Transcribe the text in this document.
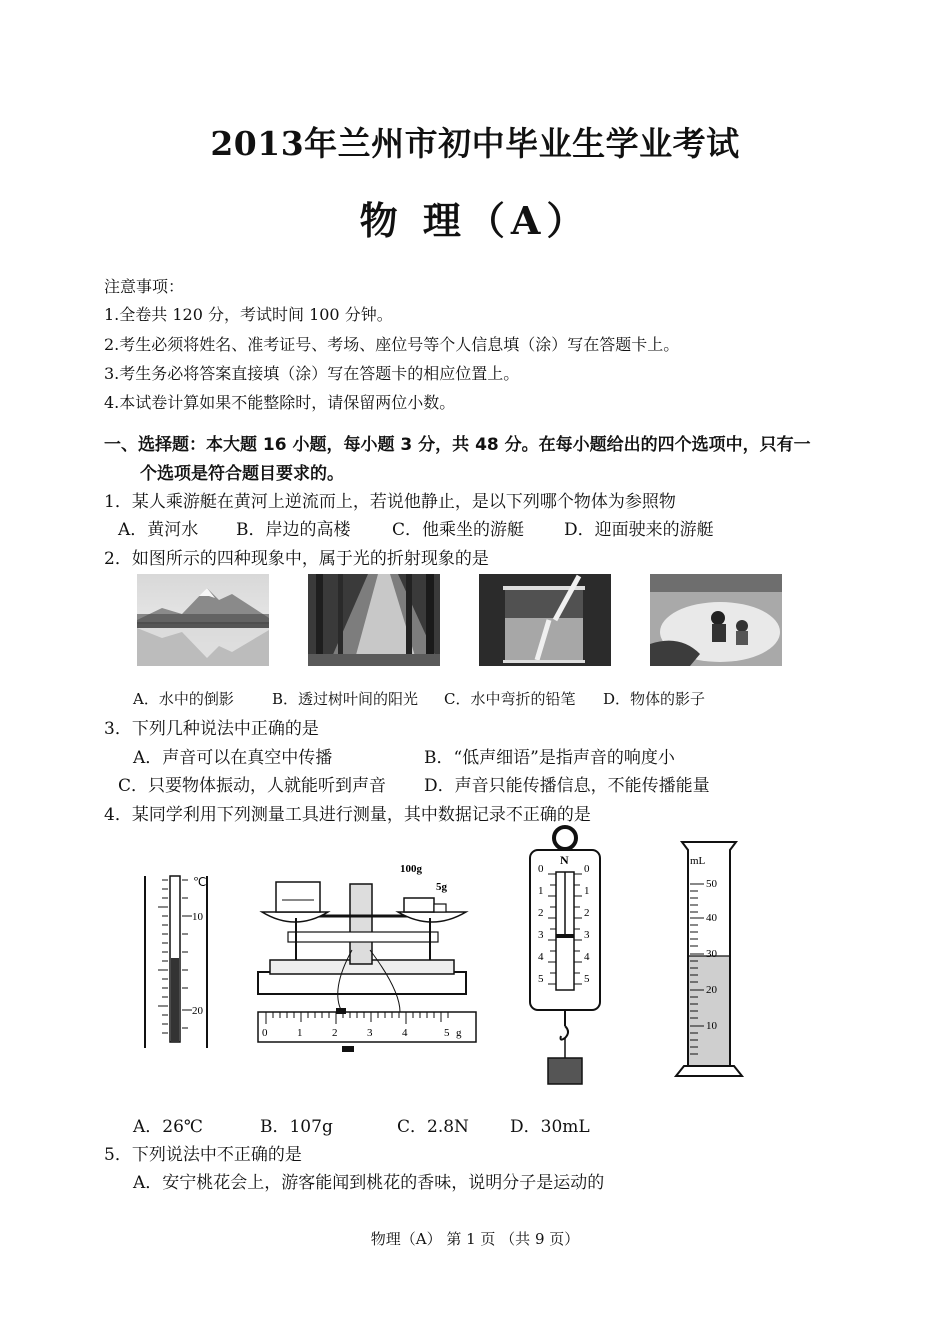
2013年兰州市初中毕业生学业考试
物 理（A）
注意事项：
1.全卷共 120 分，考试时间 100 分钟。
2.考生必须将姓名、准考证号、考场、座位号等个人信息填（涂）写在答题卡上。
3.考生务必将答案直接填（涂）写在答题卡的相应位置上。
4.本试卷计算如果不能整除时，请保留两位小数。
一、选择题：本大题 16 小题，每小题 3 分，共 48 分。在每小题给出的四个选项中，只有一
个选项是符合题目要求的。
1．某人乘游艇在黄河上逆流而上，若说他静止，是以下列哪个物体为参照物
A．黄河水 B．岸边的高楼 C．他乘坐的游艇 D．迎面驶来的游艇
2．如图所示的四种现象中，属于光的折射现象的是
A．水中的倒影	B．透过树叶间的阳光 C．水中弯折的铅笔 D．物体的影子
3．下列几种说法中正确的是
A．声音可以在真空中传播	B．“低声细语”是指声音的响度小
C．只要物体振动，人就能听到声音 D．声音只能传播信息，不能传播能量
4．某同学利用下列测量工具进行测量，其中数据记录不正确的是
℃
10
20
100g
5g
0	1	2	3	4	5 g
N
0
1
2
3
4
5
0
1
2
3
4
5
mL
50
40
30
20
10
A．26℃	B．107g	C．2.8N D．30mL
5．下列说法中不正确的是
A．安宁桃花会上，游客能闻到桃花的香味，说明分子是运动的
物理（A） 第 1 页 （共 9 页）
